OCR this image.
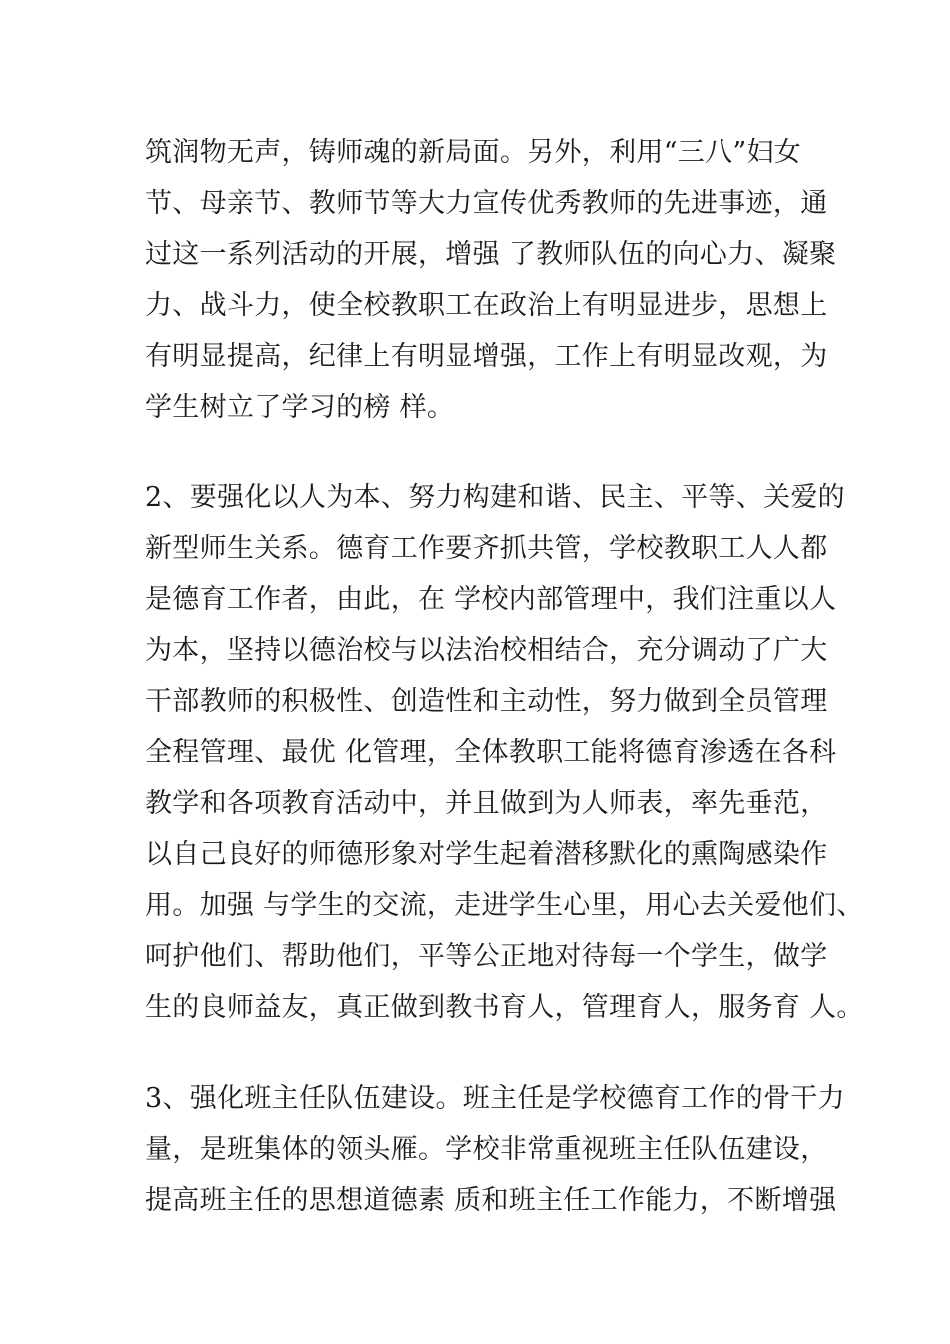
筑润物无声，铸师魂的新局面。另外，利用“三八”妇女
节、母亲节、教师节等大力宣传优秀教师的先进事迹，通
过这一系列活动的开展，增强 了教师队伍的向心力、凝聚
力、战斗力，使全校教职工在政治上有明显进步，思想上
有明显提高，纪律上有明显增强，工作上有明显改观，为
学生树立了学习的榜 样。
2、要强化以人为本、努力构建和谐、民主、平等、关爱的
新型师生关系。德育工作要齐抓共管，学校教职工人人都
是德育工作者，由此，在 学校内部管理中，我们注重以人
为本，坚持以德治校与以法治校相结合，充分调动了广大
干部教师的积极性、创造性和主动性，努力做到全员管理
全程管理、最优 化管理，全体教职工能将德育渗透在各科
教学和各项教育活动中，并且做到为人师表，率先垂范，
以自己良好的师德形象对学生起着潜移默化的熏陶感染作
用。加强 与学生的交流，走进学生心里，用心去关爱他们、
呵护他们、帮助他们，平等公正地对待每一个学生，做学
生的良师益友，真正做到教书育人，管理育人，服务育 人。
3、强化班主任队伍建设。班主任是学校德育工作的骨干力
量，是班集体的领头雁。学校非常重视班主任队伍建设，
提高班主任的思想道德素 质和班主任工作能力，不断增强
